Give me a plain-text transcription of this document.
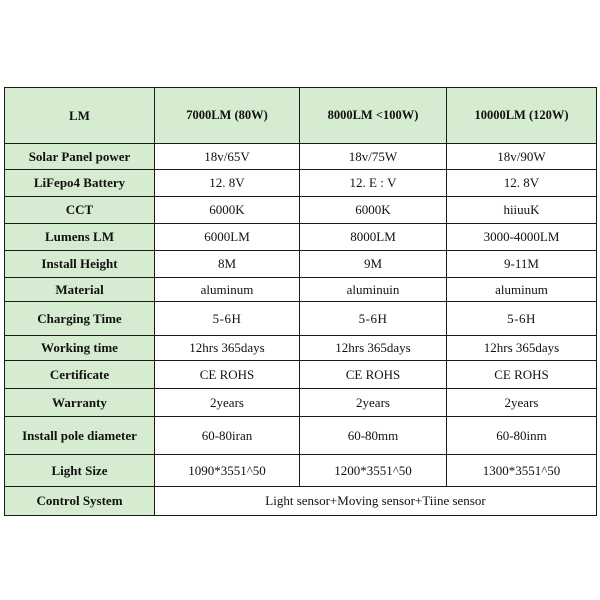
LM	7000LM (80W)	8000LM <100W)	10000LM (120W)
Solar Panel power	18v/65V	18v/75W	18v/90W
LiFepo4 Battery	12. 8V	12. E : V	12. 8V
CCT	6000K	6000K	hiiuuK
Lumens LM	6000LM	8000LM	3000-4000LM
Install Height	8M	9M	9-11M
Material	aluminum	aluminuin	aluminum
Charging Time	5-6H	5-6H	5-6H
Working time	12hrs 365days	12hrs 365days	12hrs 365days
Certificate	CE ROHS	CE ROHS	CE ROHS
Warranty	2years	2years	2years
Install pole diameter	60-80iran	60-80mm	60-80inm
Light Size	1090*3551^50	1200*3551^50	1300*3551^50
Control System	Light sensor+Moving sensor+Tiine sensor		
